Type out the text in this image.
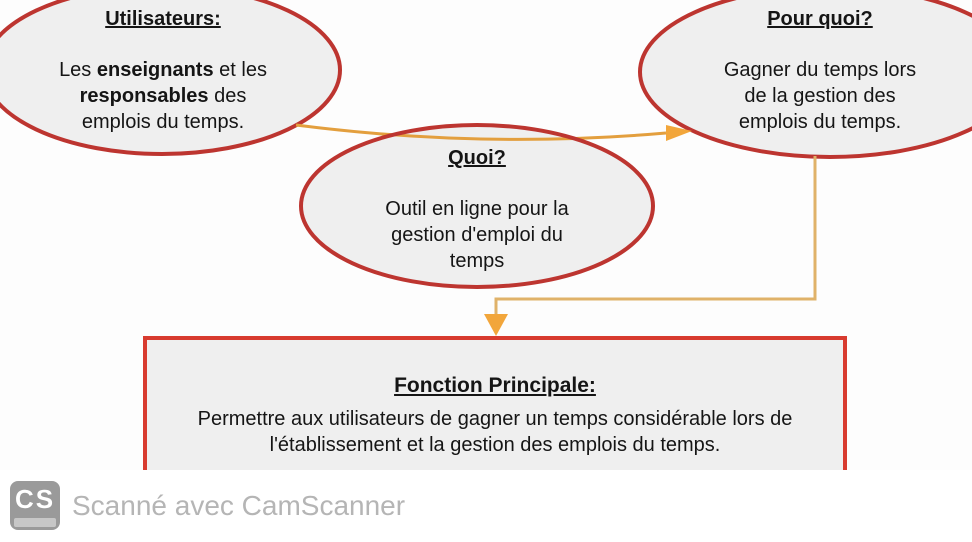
Utilisateurs:
Les enseignants et les
responsables des
emplois du temps.
Pour quoi?
Gagner du temps lors
de la gestion des
emplois du temps.
Quoi?
Outil en ligne pour la
gestion d'emploi du
temps
Fonction Principale:
Permettre aux utilisateurs de gagner un temps considérable lors de
l'établissement et la gestion des emplois du temps.
CS Scanné avec CamScanner
